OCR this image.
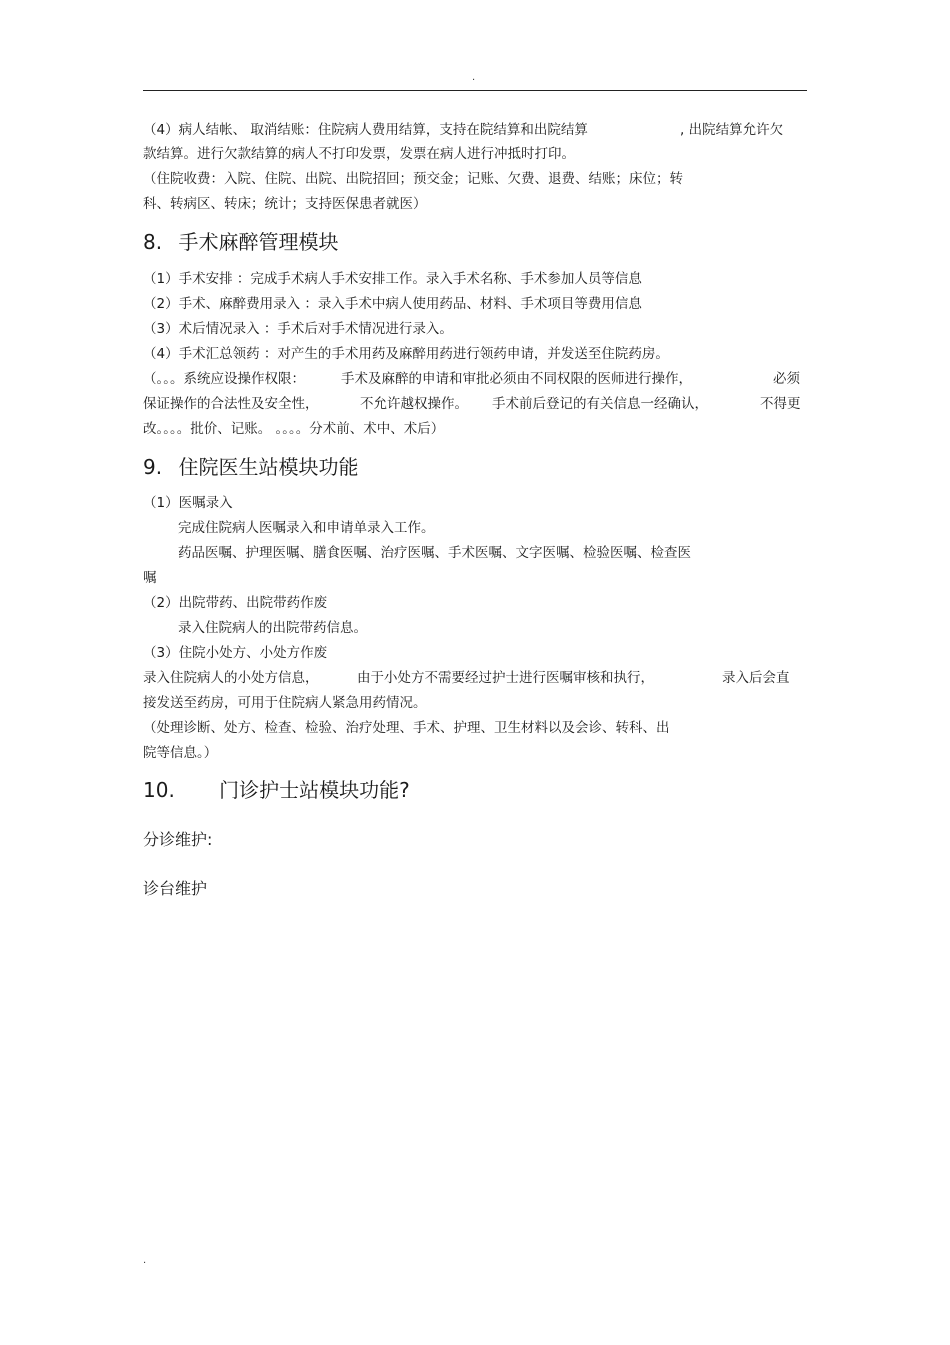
.
（4）病人结帐、 取消结账：住院病人费用结算，支持在院结算和出院结算	, 出院结算允许欠
款结算。进行欠款结算的病人不打印发票，发票在病人进行冲抵时打印。
（住院收费：入院、住院、出院、出院招回；预交金；记账、欠费、退费、结账；床位；转
科、转病区、转床；统计；支持医保患者就医）
8. 手术麻醉管理模块
（1）手术安排 ：完成手术病人手术安排工作。录入手术名称、手术参加人员等信息
（2）手术、麻醉费用录入 ：录入手术中病人使用药品、材料、手术项目等费用信息
（3）术后情况录入 ：手术后对手术情况进行录入。
（4）手术汇总领药 ：对产生的手术用药及麻醉用药进行领药申请，并发送至住院药房。
（。。。系统应设操作权限：	手术及麻醉的申请和审批必须由不同权限的医师进行操作，	必须
保证操作的合法性及安全性，	不允许越权操作。 手术前后登记的有关信息一经确认，	不得更
改。。。。批价、记账。 。。。。分术前、术中、术后）
9. 住院医生站模块功能
（1）医嘱录入
完成住院病人医嘱录入和申请单录入工作。
药品医嘱、护理医嘱、膳食医嘱、治疗医嘱、手术医嘱、文字医嘱、检验医嘱、检查医
嘱
（2）出院带药、出院带药作废
录入住院病人的出院带药信息。
（3）住院小处方、小处方作废
录入住院病人的小处方信息，	由于小处方不需要经过护士进行医嘱审核和执行，	录入后会直
接发送至药房，可用于住院病人紧急用药情况。
（处理诊断、处方、检查、检验、治疗处理、手术、护理、卫生材料以及会诊、转科、出
院等信息。）
10. 门诊护士站模块功能?
分诊维护:
诊台维护
.
